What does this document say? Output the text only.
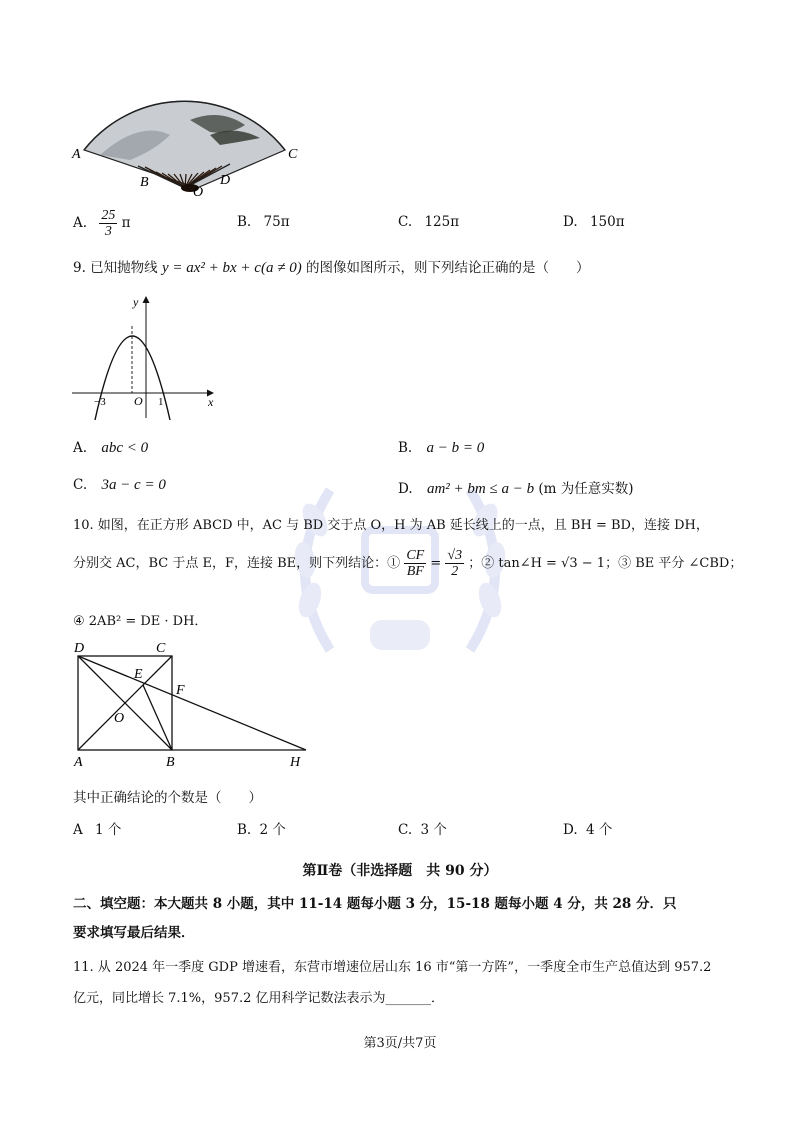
A	C
B	D
O
A. $\frac{25}{3}$ π	B. 75π	C. 125π	D. 150π
9. 已知抛物线 y = ax² + bx + c(a ≠ 0) 的图像如图所示，则下列结论正确的是（　　）
y
x
O
−3	1
A. abc < 0	B. a − b = 0
C. 3a − c = 0	D. am² + bm ≤ a − b (m 为任意实数)
10. 如图，在正方形 ABCD 中，AC 与 BD 交于点 O，H 为 AB 延长线上的一点，且 BH = BD，连接 DH，
分别交 AC，BC 于点 E，F，连接 BE，则下列结论：① $\frac{CF}{BF} = \frac{√3}{2}$ ；② tan∠H = √3 − 1；③ BE 平分 ∠CBD；
④ 2AB² = DE · DH．
D	C
E
F
O
A	B	H
其中正确结论的个数是（　　）
A 1 个	B. 2 个	C. 3 个	D. 4 个
第Ⅱ卷（非选择题　共 90 分）
二、填空题：本大题共 8 小题，其中 11-14 题每小题 3 分，15-18 题每小题 4 分，共 28 分．只
要求填写最后结果．
11. 从 2024 年一季度 GDP 增速看，东营市增速位居山东 16 市“第一方阵”，一季度全市生产总值达到 957.2
亿元，同比增长 7.1%，957.2 亿用科学记数法表示为_______．
第3页/共7页
